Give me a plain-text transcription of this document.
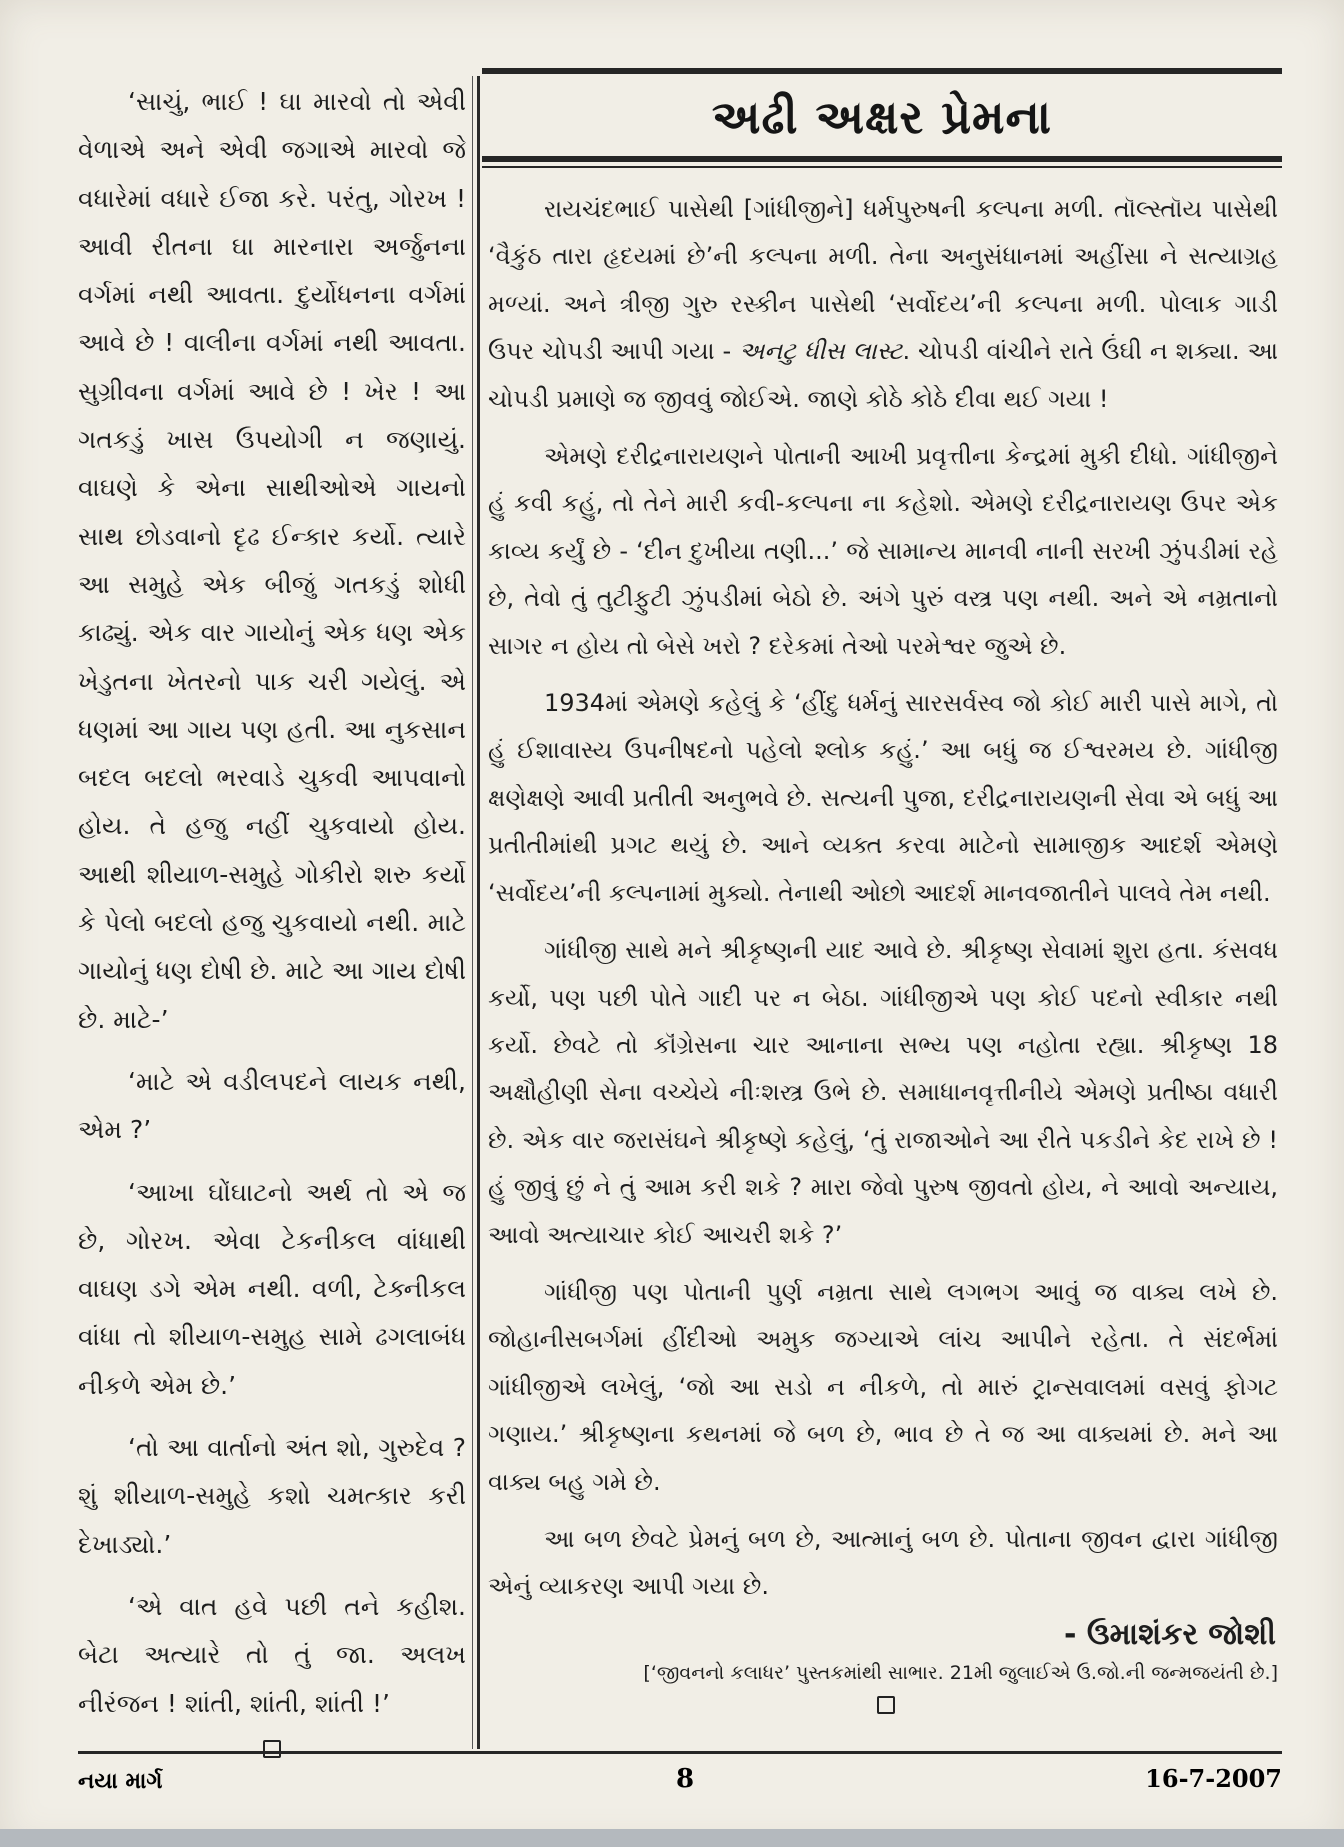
‘સાચું, ભાઈ ! ઘા મારવો તો એવી વેળાએ અને એવી જગાએ મારવો જે વધારેમાં વધારે ઈજા કરે. પરંતુ, ગોરખ ! આવી રીતના ઘા મારનારા અર્જુનના વર્ગમાં નથી આવતા. દુર્યોધનના વર્ગમાં આવે છે ! વાલીના વર્ગમાં નથી આવતા. સુગ્રીવના વર્ગમાં આવે છે ! ખેર ! આ ગતકડું ખાસ ઉપયોગી ન જણાયું. વાઘણે કે એના સાથીઓએ ગાયનો સાથ છોડવાનો દૃઢ ઈન્કાર કર્યો. ત્યારે આ સમુહે એક બીજું ગતકડું શોધી કાઢ્યું. એક વાર ગાયોનું એક ધણ એક ખેડુતના ખેતરનો પાક ચરી ગયેલું. એ ધણમાં આ ગાય પણ હતી. આ નુકસાન બદલ બદલો ભરવાડે ચુકવી આપવાનો હોય. તે હજુ નહીં ચુકવાયો હોય. આથી શીયાળ-સમુહે ગોકીરો શરુ કર્યો કે પેલો બદલો હજુ ચુકવાયો નથી. માટે ગાયોનું ધણ દોષી છે. માટે આ ગાય દોષી છે. માટે-’

‘માટે એ વડીલપદને લાયક નથી, એમ ?’

‘આખા ઘોંઘાટનો અર્થ તો એ જ છે, ગોરખ. એવા ટેકનીકલ વાંધાથી વાઘણ ડગે એમ નથી. વળી, ટેક્નીકલ વાંધા તો શીયાળ-સમુહ સામે ઢગલાબંધ નીકળે એમ છે.’

‘તો આ વાર્તાનો અંત શો, ગુરુદેવ ? શું શીયાળ-સમુહે કશો ચમત્કાર કરી દેખાડ્યો.’

‘એ વાત હવે પછી તને કહીશ. બેટા અત્યારે તો તું જા. અલખ નીરંજન ! શાંતી, શાંતી, શાંતી !’

અઢી અક્ષર પ્રેમના

રાયચંદભાઈ પાસેથી [ગાંધીજીને] ધર્મપુરુષની કલ્પના મળી. તૉલ્સ્તૉય પાસેથી ‘વૈકુંઠ તારા હૃદયમાં છે’ની કલ્પના મળી. તેના અનુસંધાનમાં અહીંસા ને સત્યાગ્રહ મળ્યાં. અને ત્રીજી ગુરુ રસ્કીન પાસેથી ‘સર્વોદય’ની કલ્પના મળી. પોલાક ગાડી ઉપર ચોપડી આપી ગયા - અનટુ ધીસ લાસ્ટ. ચોપડી વાંચીને રાતે ઉંઘી ન શક્યા. આ ચોપડી પ્રમાણે જ જીવવું જોઈએ. જાણે કોઠે કોઠે દીવા થઈ ગયા !

એમણે દરીદ્રનારાયણને પોતાની આખી પ્રવૃત્તીના કેન્દ્રમાં મુકી દીધો. ગાંધીજીને હું કવી કહું, તો તેને મારી કવી-કલ્પના ના કહેશો. એમણે દરીદ્રનારાયણ ઉપર એક કાવ્ય કર્યું છે - ‘દીન દુખીયા તણી...’ જે સામાન્ય માનવી નાની સરખી ઝુંપડીમાં રહે છે, તેવો તું તુટીફુટી ઝુંપડીમાં બેઠો છે. અંગે પુરું વસ્ત્ર પણ નથી. અને એ નમ્રતાનો સાગર ન હોય તો બેસે ખરો ? દરેકમાં તેઓ પરમેશ્વર જુએ છે.

1934માં એમણે કહેલું કે ‘હીંદુ ધર્મનું સારસર્વસ્વ જો કોઈ મારી પાસે માગે, તો હું ઈશાવાસ્ય ઉપનીષદનો પહેલો શ્લોક કહું.’ આ બધું જ ઈશ્વરમય છે. ગાંધીજી ક્ષણેક્ષણે આવી પ્રતીતી અનુભવે છે. સત્યની પુજા, દરીદ્રનારાયણની સેવા એ બધું આ પ્રતીતીમાંથી પ્રગટ થયું છે. આને વ્યક્ત કરવા માટેનો સામાજીક આદર્શ એમણે ‘સર્વોદય’ની કલ્પનામાં મુક્યો. તેનાથી ઓછો આદર્શ માનવજાતીને પાલવે તેમ નથી.

ગાંધીજી સાથે મને શ્રીકૃષ્ણની યાદ આવે છે. શ્રીકૃષ્ણ સેવામાં શુરા હતા. કંસવધ કર્યો, પણ પછી પોતે ગાદી પર ન બેઠા. ગાંધીજીએ પણ કોઈ પદનો સ્વીકાર નથી કર્યો. છેવટે તો કૉંગ્રેસના ચાર આનાના સભ્ય પણ નહોતા રહ્યા. શ્રીકૃષ્ણ 18 અક્ષૌહીણી સેના વચ્ચેયે નીઃશસ્ત્ર ઉભે છે. સમાધાનવૃત્તીનીયે એમણે પ્રતીષ્ઠા વધારી છે. એક વાર જરાસંઘને શ્રીકૃષ્ણે કહેલું, ‘તું રાજાઓને આ રીતે પકડીને કેદ રાખે છે ! હું જીવું છું ને તું આમ કરી શકે ? મારા જેવો પુરુષ જીવતો હોય, ને આવો અન્યાય, આવો અત્યાચાર કોઈ આચરી શકે ?’

ગાંધીજી પણ પોતાની પુર્ણ નમ્રતા સાથે લગભગ આવું જ વાક્ય લખે છે. જોહાનીસબર્ગમાં હીંદીઓ અમુક જગ્યાએ લાંચ આપીને રહેતા. તે સંદર્ભમાં ગાંધીજીએ લખેલું, ‘જો આ સડો ન નીકળે, તો મારું ટ્રાન્સવાલમાં વસવું ફોગટ ગણાય.’ શ્રીકૃષ્ણના કથનમાં જે બળ છે, ભાવ છે તે જ આ વાક્યમાં છે. મને આ વાક્ય બહુ ગમે છે.

આ બળ છેવટે પ્રેમનું બળ છે, આત્માનું બળ છે. પોતાના જીવન દ્વારા ગાંધીજી એનું વ્યાકરણ આપી ગયા છે.

- ઉમાશંકર જોશી
[‘જીવનનો કલાધર’ પુસ્તકમાંથી સાભાર. 21મી જુલાઈએ ઉ.જો.ની જન્મજયંતી છે.]
નયા માર્ગ	8	16-7-2007
